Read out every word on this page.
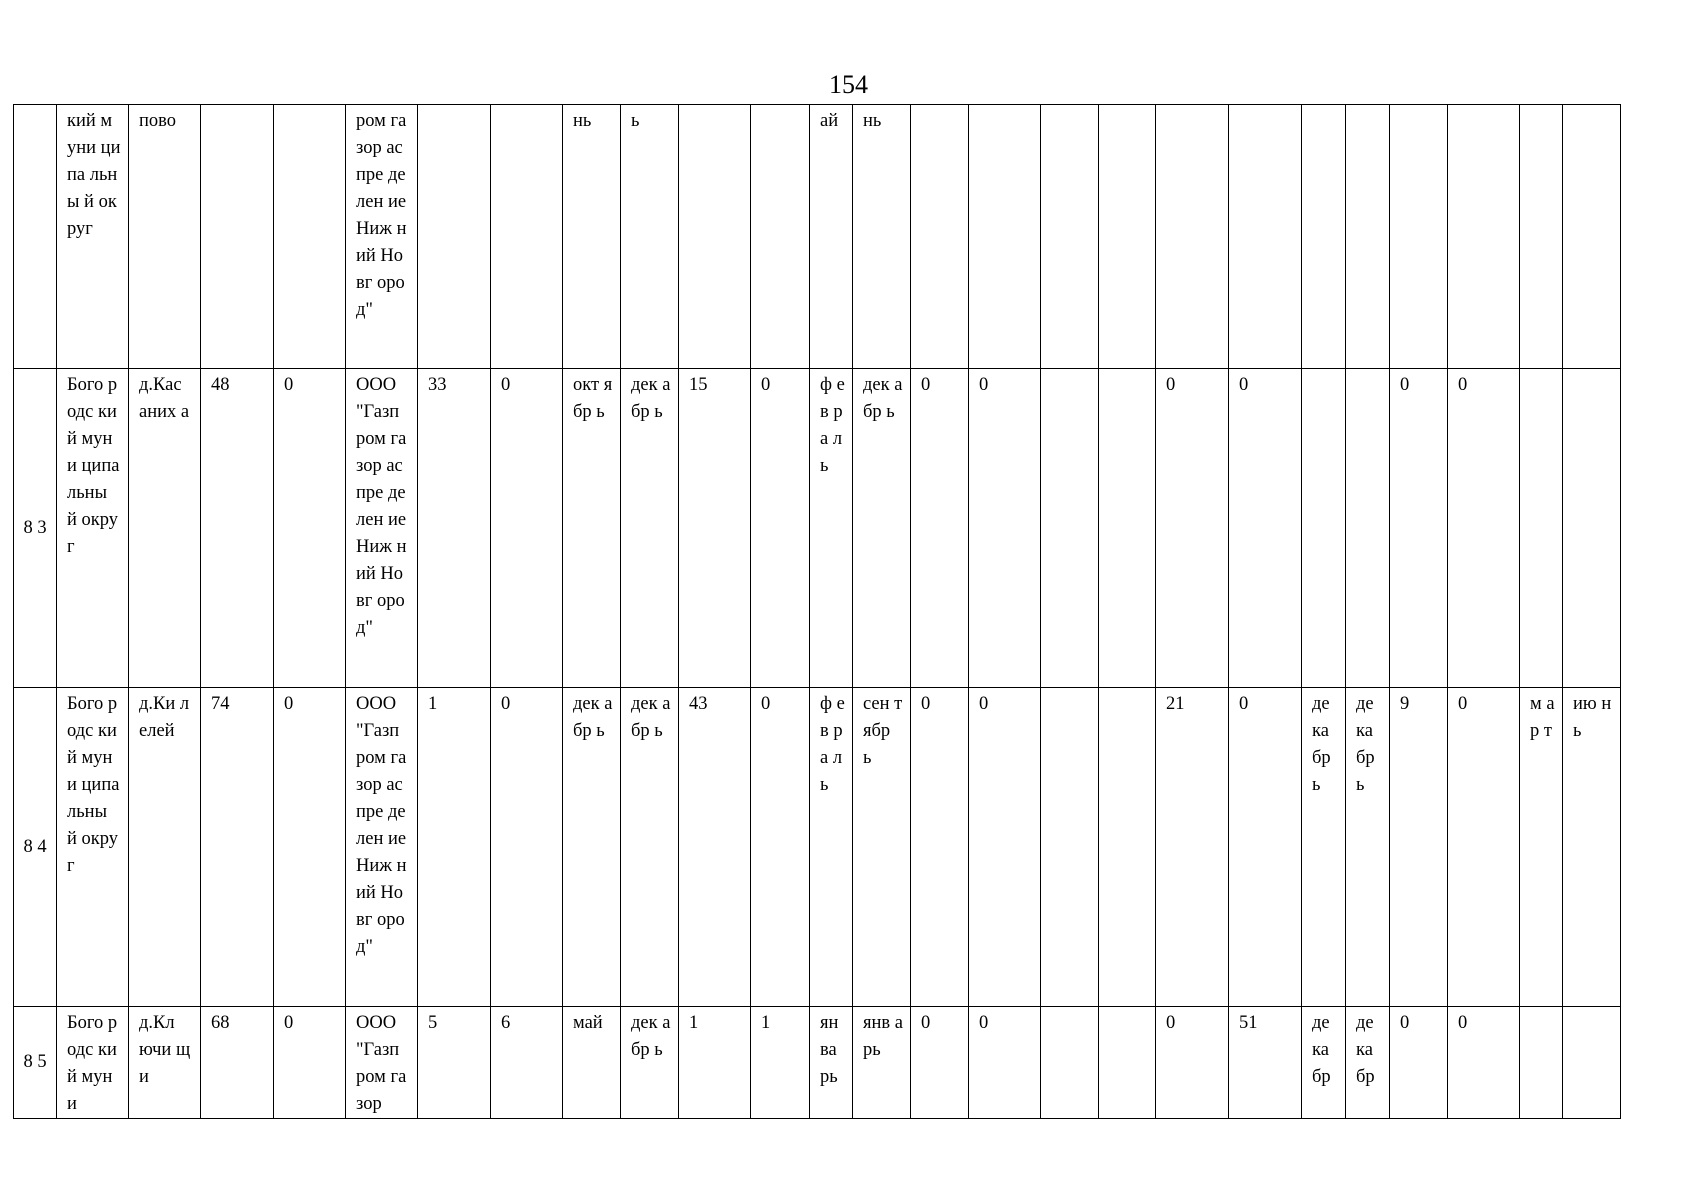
154

	кий муни ципа льны й округ	пово			ром газор аспре делен ие Ниж ний Новг ород"			нь	ь			ай	нь												

8 3	Бого родс кий муни ципа льны й округ	д.Кас аних а	48	0	ООО "Газп ром газор аспре делен ие Ниж ний Новг ород"	33	0	окт ябр ь	дек абр ь	15	0	ф ев ра ль	дек абр ь	0	0			0	0			0	0		

8 4	Бого родс кий муни ципа льны й округ	д.Ки лелей	74	0	ООО "Газп ром газор аспре делен ие Ниж ний Новг ород"	1	0	дек абр ь	дек абр ь	43	0	ф ев ра ль	сен тябр ь	0	0			21	0	де ка бр ь	де ка бр ь	9	0	м ар т	ию нь

8 5	Бого родс кий муни	д.Кл ючи щи	68	0	ООО "Газп ром газор	5	6	май	дек абр ь	1	1	ян ва рь	янв арь	0	0			0	51	де ка бр	де ка бр	0	0		
